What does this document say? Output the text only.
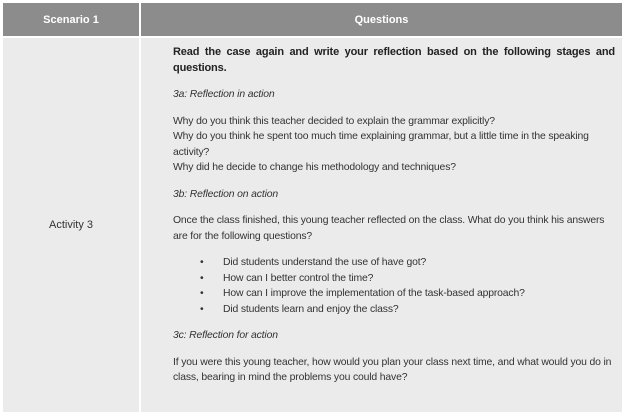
Scenario 1	Questions
Activity 3

Read the case again and write your reflection based on the following stages and questions.

3a: Reflection in action

Why do you think this teacher decided to explain the grammar explicitly?
Why do you think he spent too much time explaining grammar, but a little time in the speaking activity?
Why did he decide to change his methodology and techniques?

3b: Reflection on action

Once the class finished, this young teacher reflected on the class. What do you think his answers are for the following questions?

• Did students understand the use of have got?
• How can I better control the time?
• How can I improve the implementation of the task-based approach?
• Did students learn and enjoy the class?

3c: Reflection for action

If you were this young teacher, how would you plan your class next time, and what would you do in class, bearing in mind the problems you could have?
